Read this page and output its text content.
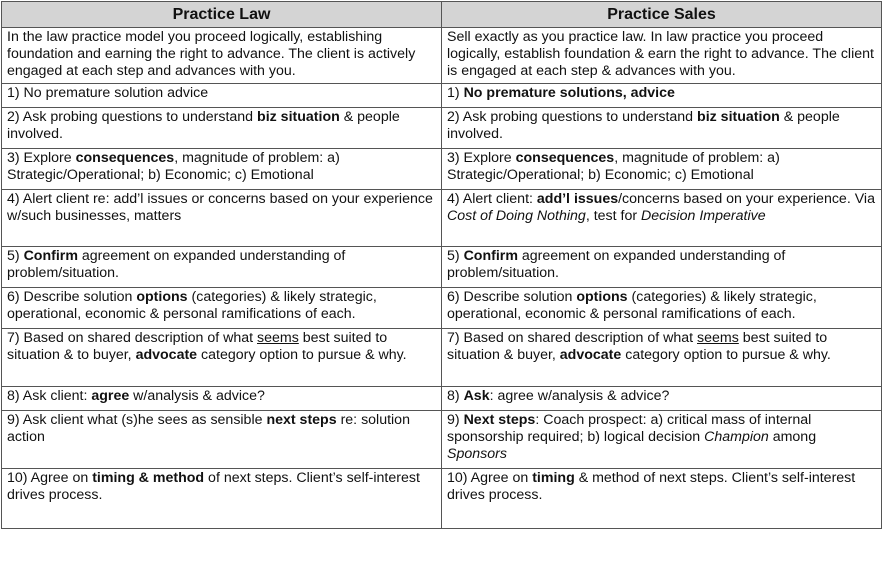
Practice Law	Practice Sales
In the law practice model you proceed logically, establishing foundation and earning the right to advance. The client is actively engaged at each step and advances with you.	Sell exactly as you practice law. In law practice you proceed logically, establish foundation & earn the right to advance. The client is engaged at each step & advances with you.
1) No premature solution advice	1) No premature solutions, advice
2) Ask probing questions to understand biz situation & people involved.	2) Ask probing questions to understand biz situation & people involved.
3) Explore consequences, magnitude of problem: a) Strategic/Operational; b) Economic; c) Emotional	3) Explore consequences, magnitude of problem: a) Strategic/Operational; b) Economic; c) Emotional
4) Alert client re: add’l issues or concerns based on your experience w/such businesses, matters	4) Alert client: add’l issues/concerns based on your experience. Via Cost of Doing Nothing, test for Decision Imperative
5) Confirm agreement on expanded understanding of problem/situation.	5) Confirm agreement on expanded understanding of problem/situation.
6) Describe solution options (categories) & likely strategic, operational, economic & personal ramifications of each.	6) Describe solution options (categories) & likely strategic, operational, economic & personal ramifications of each.
7) Based on shared description of what seems best suited to situation & to buyer, advocate category option to pursue & why.	7) Based on shared description of what seems best suited to situation & buyer, advocate category option to pursue & why.
8) Ask client: agree w/analysis & advice?	8) Ask: agree w/analysis & advice?
9) Ask client what (s)he sees as sensible next steps re: solution action	9) Next steps: Coach prospect: a) critical mass of internal sponsorship required; b) logical decision Champion among Sponsors
10) Agree on timing & method of next steps. Client’s self-interest drives process.	10) Agree on timing & method of next steps. Client’s self-interest drives process.
